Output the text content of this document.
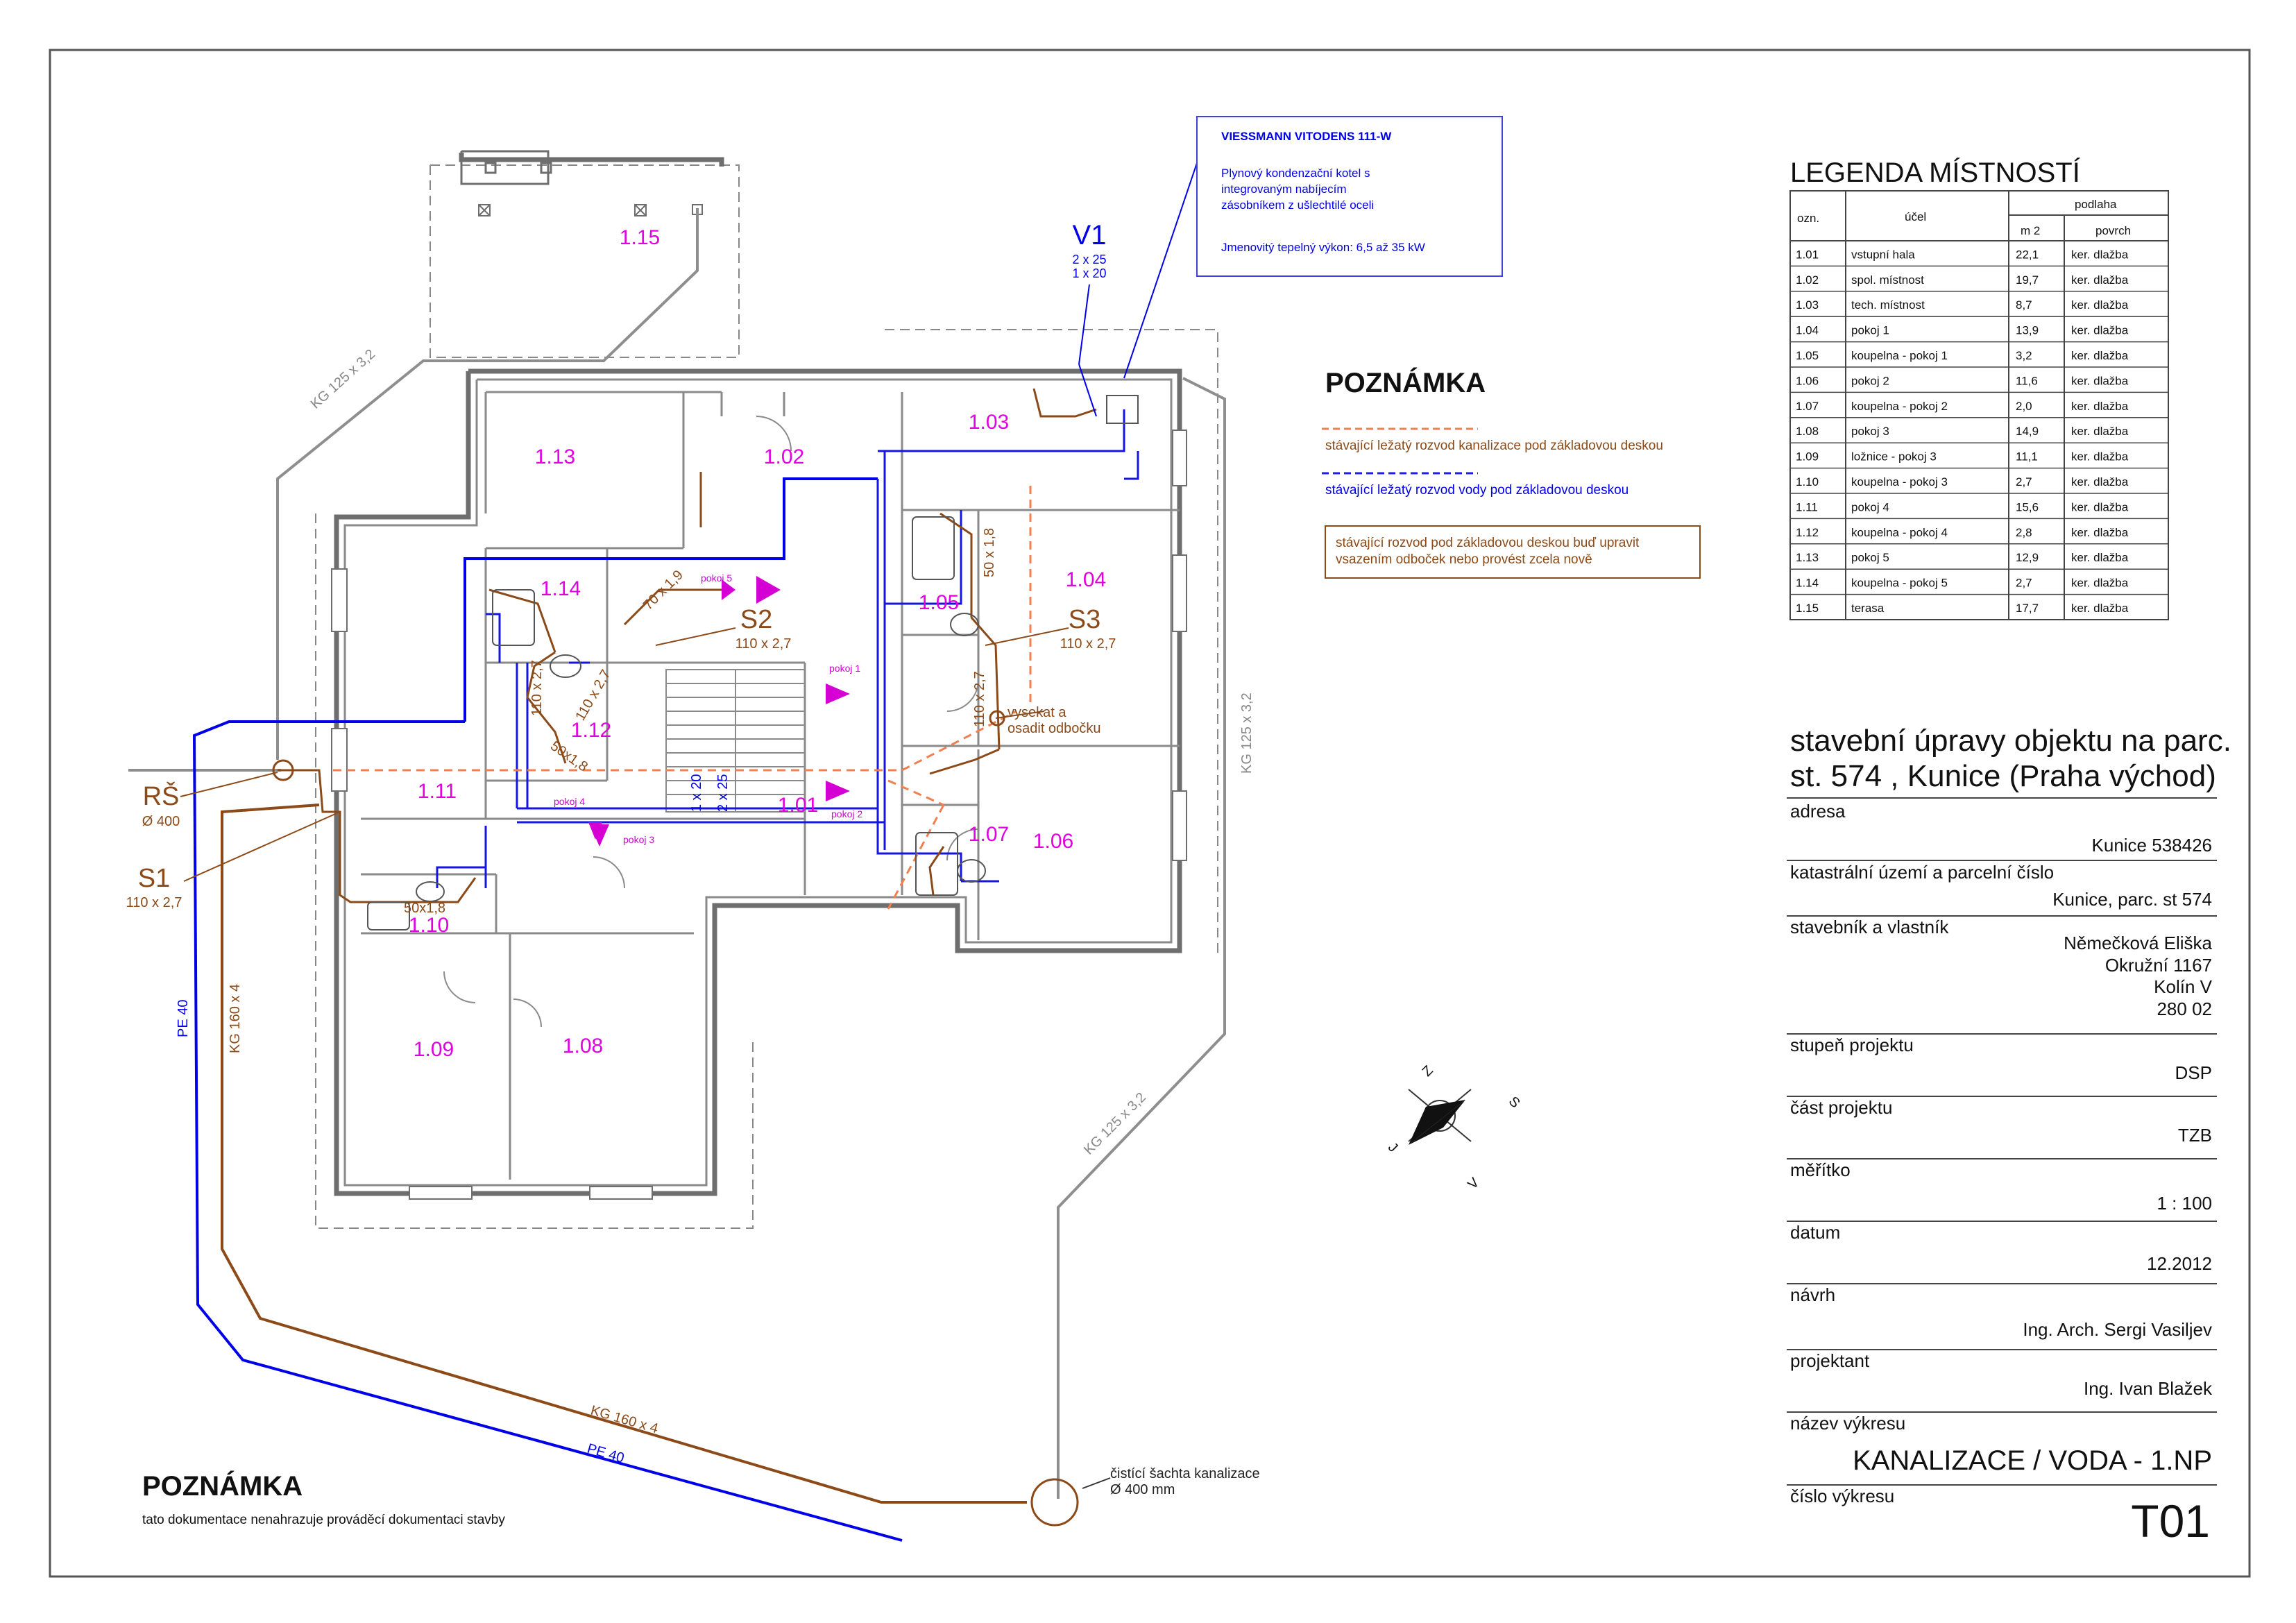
1.15
1.13	1.02
1.03
1.14	1.04
1.05
1.12
1.11
1.01
1.07 1.06
1.10
1.09	1.08
VIESSMANN VITODENS 111-W
Plynový kondenzační kotel s
integrovaným nabíjecím
zásobníkem z ušlechtilé oceli
Jmenovitý tepelný výkon: 6,5 až 35 kW
V1
2 x 25
1 x 20
RŠ
Ø 400
S1
110 x 2,7
S2
110 x 2,7
S3
110 x 2,7
KG 125 x 3,2
KG 125 x 3,2
KG 125 x 3,2
KG 160 x 4
KG 160 x 4
PE 40
PE 40
70 x 1,9
110 x 2,7 110 x 2,7	110 x 2,7
50 x 1,8
50x1,8
50x1,8
1 x 20 2 x 25
pokoj 1
pokoj 2
pokoj 3
pokoj 4
pokoj 5
vysekat a
osadit odbočku
čistící šachta kanalizace
Ø 400 mm
POZNÁMKA
stávající ležatý rozvod kanalizace pod základovou deskou
stávající ležatý rozvod vody pod základovou deskou
stávající rozvod pod základovou deskou buď upravit
vsazením odboček nebo provést zcela nově
POZNÁMKA
tato dokumentace nenahrazuje prováděcí dokumentaci stavby
Z
S
V
J
LEGENDA MÍSTNOSTÍ
ozn.	účel
podlaha
m 2	povrch
1.01	vstupní hala	22,1	ker. dlažba
1.02	spol. místnost	19,7	ker. dlažba
1.03	tech. místnost	8,7	ker. dlažba
1.04	pokoj 1	13,9	ker. dlažba
1.05	koupelna - pokoj 1	3,2	ker. dlažba
1.06	pokoj 2	11,6	ker. dlažba
1.07	koupelna - pokoj 2	2,0	ker. dlažba
1.08	pokoj 3	14,9	ker. dlažba
1.09	ložnice - pokoj 3	11,1	ker. dlažba
1.10	koupelna - pokoj 3	2,7	ker. dlažba
1.11	pokoj 4	15,6	ker. dlažba
1.12	koupelna - pokoj 4	2,8	ker. dlažba
1.13	pokoj 5	12,9	ker. dlažba
1.14	koupelna - pokoj 5	2,7	ker. dlažba
1.15	terasa	17,7	ker. dlažba
stavební úpravy objektu na parc.
st. 574 , Kunice (Praha východ)
adresa
Kunice 538426
katastrální území a parcelní číslo
Kunice, parc. st 574
stavebník a vlastník
Němečková Eliška
Okružní 1167
Kolín V
280 02
stupeň projektu
DSP
část projektu
TZB
měřítko
1 : 100
datum
12.2012
návrh
Ing. Arch. Sergi Vasiljev
projektant
Ing. Ivan Blažek
název výkresu
KANALIZACE / VODA - 1.NP
číslo výkresu	T01
